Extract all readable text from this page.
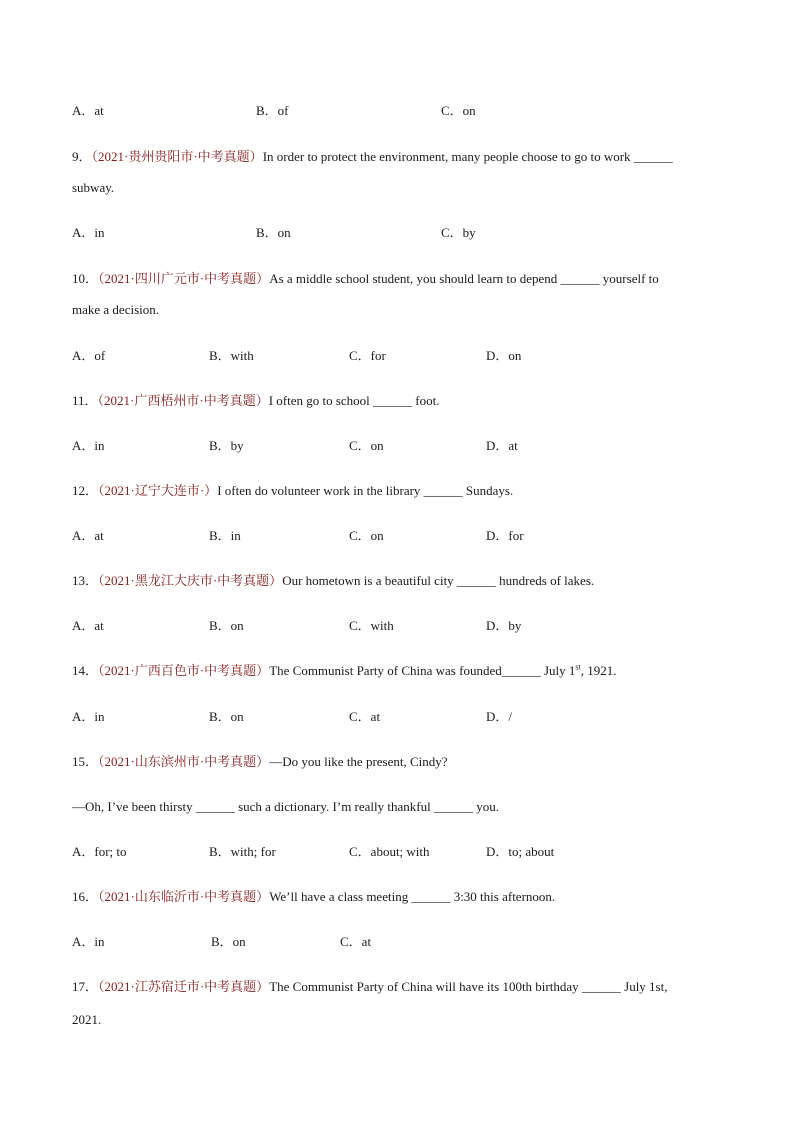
A．at	B．of	C．on
9．（2021·贵州贵阳市·中考真题）In order to protect the environment, many people choose to go to work ______
subway.
A．in	B．on	C．by
10．（2021·四川广元市·中考真题）As a middle school student, you should learn to depend ______ yourself to
make a decision.
A．of	B．with	C．for	D．on
11．（2021·广西梧州市·中考真题）I often go to school ______ foot.
A．in	B．by	C．on	D．at
12．（2021·辽宁大连市·）I often do volunteer work in the library ______ Sundays.
A．at	B．in	C．on	D．for
13．（2021·黑龙江大庆市·中考真题）Our hometown is a beautiful city ______ hundreds of lakes.
A．at	B．on	C．with	D．by
14．（2021·广西百色市·中考真题）The Communist Party of China was founded______ July 1st, 1921.
A．in	B．on	C．at	D．/
15．（2021·山东滨州市·中考真题）—Do you like the present, Cindy?
—Oh, I’ve been thirsty ______ such a dictionary. I’m really thankful ______ you.
A．for; to	B．with; for	C．about; with	D．to; about
16．（2021·山东临沂市·中考真题）We’ll have a class meeting ______ 3:30 this afternoon.
A．in	B．on	C．at
17．（2021·江苏宿迁市·中考真题）The Communist Party of China will have its 100th birthday ______ July 1st,
2021.
